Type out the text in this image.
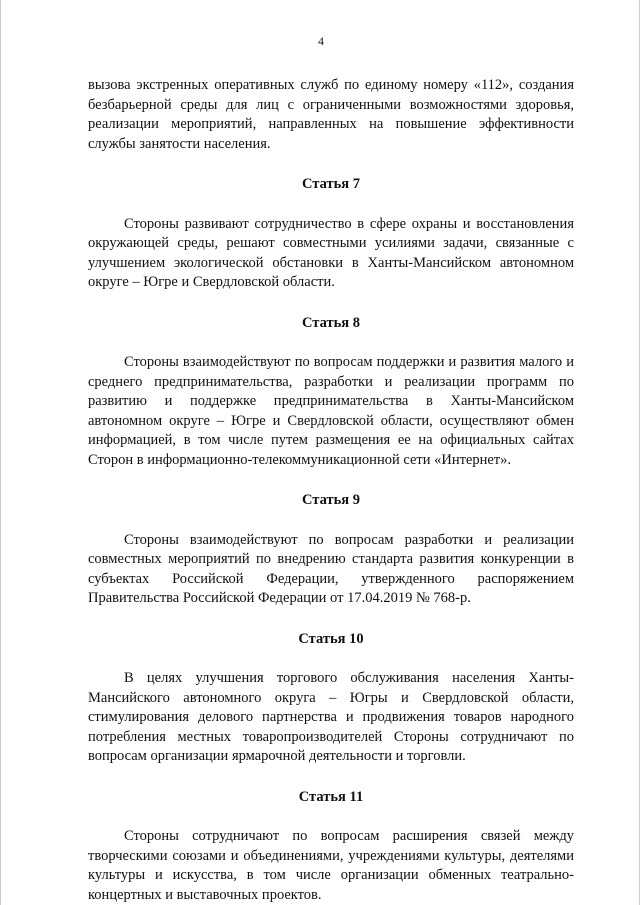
4

вызова экстренных оперативных служб по единому номеру «112», создания безбарьерной среды для лиц с ограниченными возможностями здоровья, реализации мероприятий, направленных на повышение эффективности службы занятости населения.

Статья 7

Стороны развивают сотрудничество в сфере охраны и восстановления окружающей среды, решают совместными усилиями задачи, связанные с улучшением экологической обстановки в Ханты-Мансийском автономном округе – Югре и Свердловской области.

Статья 8

Стороны взаимодействуют по вопросам поддержки и развития малого и среднего предпринимательства, разработки и реализации программ по развитию и поддержке предпринимательства в Ханты-Мансийском автономном округе – Югре и Свердловской области, осуществляют обмен информацией, в том числе путем размещения ее на официальных сайтах Сторон в информационно-телекоммуникационной сети «Интернет».

Статья 9

Стороны взаимодействуют по вопросам разработки и реализации совместных мероприятий по внедрению стандарта развития конкуренции в субъектах Российской Федерации, утвержденного распоряжением Правительства Российской Федерации от 17.04.2019 № 768-р.

Статья 10

В целях улучшения торгового обслуживания населения Ханты-Мансийского автономного округа – Югры и Свердловской области, стимулирования делового партнерства и продвижения товаров народного потребления местных товаропроизводителей Стороны сотрудничают по вопросам организации ярмарочной деятельности и торговли.

Статья 11

Стороны сотрудничают по вопросам расширения связей между творческими союзами и объединениями, учреждениями культуры, деятелями культуры и искусства, в том числе организации обменных театрально-концертных и выставочных проектов.
